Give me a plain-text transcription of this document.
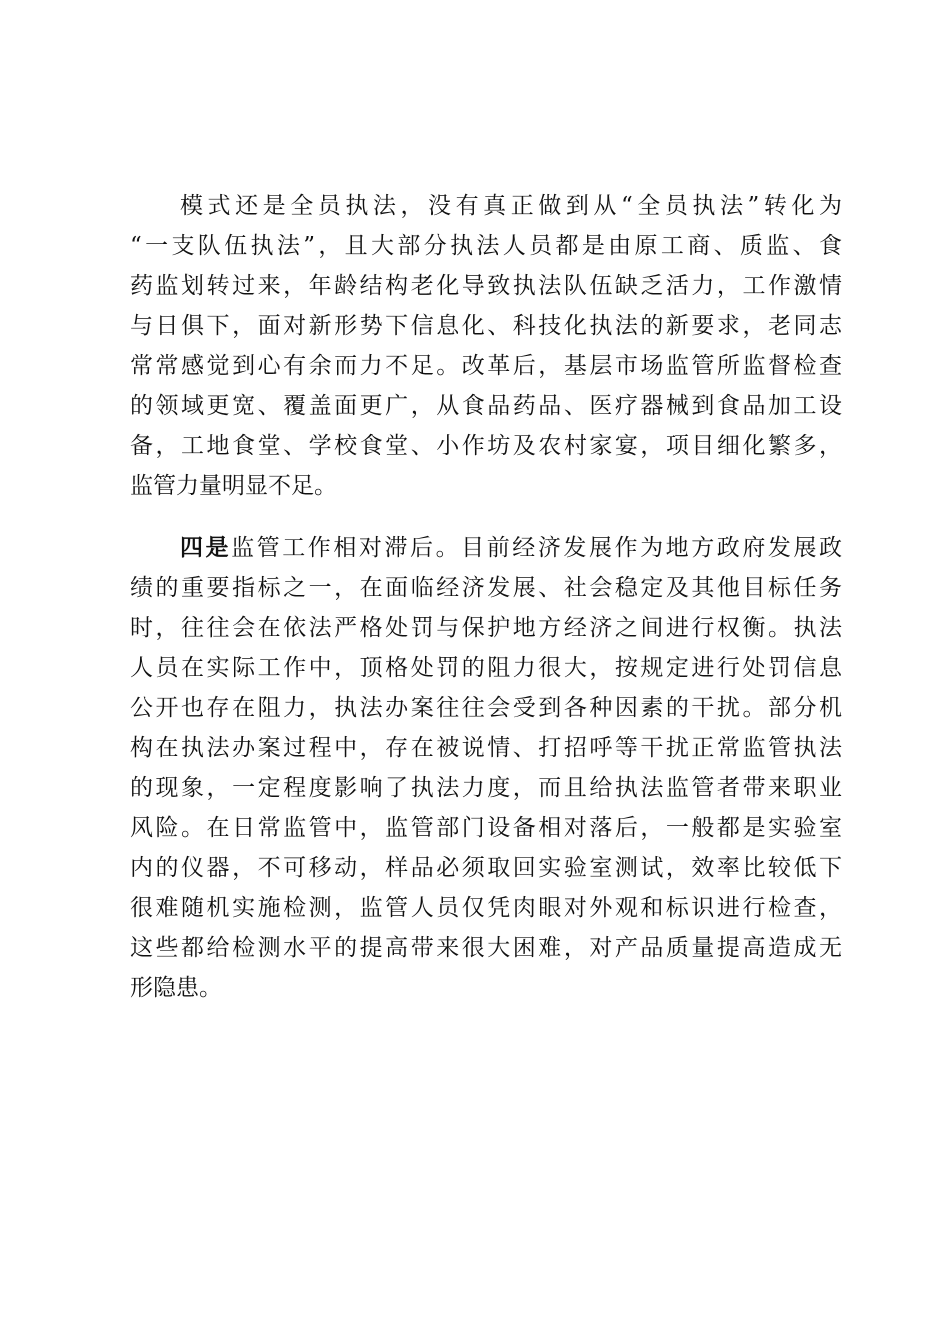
模式还是全员执法，没有真正做到从“全员执法”转化为
“一支队伍执法”，且大部分执法人员都是由原工商、质监、食
药监划转过来，年龄结构老化导致执法队伍缺乏活力，工作激情
与日俱下，面对新形势下信息化、科技化执法的新要求，老同志
常常感觉到心有余而力不足。改革后，基层市场监管所监督检查
的领域更宽、覆盖面更广，从食品药品、医疗器械到食品加工设
备，工地食堂、学校食堂、小作坊及农村家宴，项目细化繁多，
监管力量明显不足。
四是监管工作相对滞后。目前经济发展作为地方政府发展政
绩的重要指标之一，在面临经济发展、社会稳定及其他目标任务
时，往往会在依法严格处罚与保护地方经济之间进行权衡。执法
人员在实际工作中，顶格处罚的阻力很大，按规定进行处罚信息
公开也存在阻力，执法办案往往会受到各种因素的干扰。部分机
构在执法办案过程中，存在被说情、打招呼等干扰正常监管执法
的现象，一定程度影响了执法力度，而且给执法监管者带来职业
风险。在日常监管中，监管部门设备相对落后，一般都是实验室
内的仪器，不可移动，样品必须取回实验室测试，效率比较低下
很难随机实施检测，监管人员仅凭肉眼对外观和标识进行检查，
这些都给检测水平的提高带来很大困难，对产品质量提高造成无
形隐患。
